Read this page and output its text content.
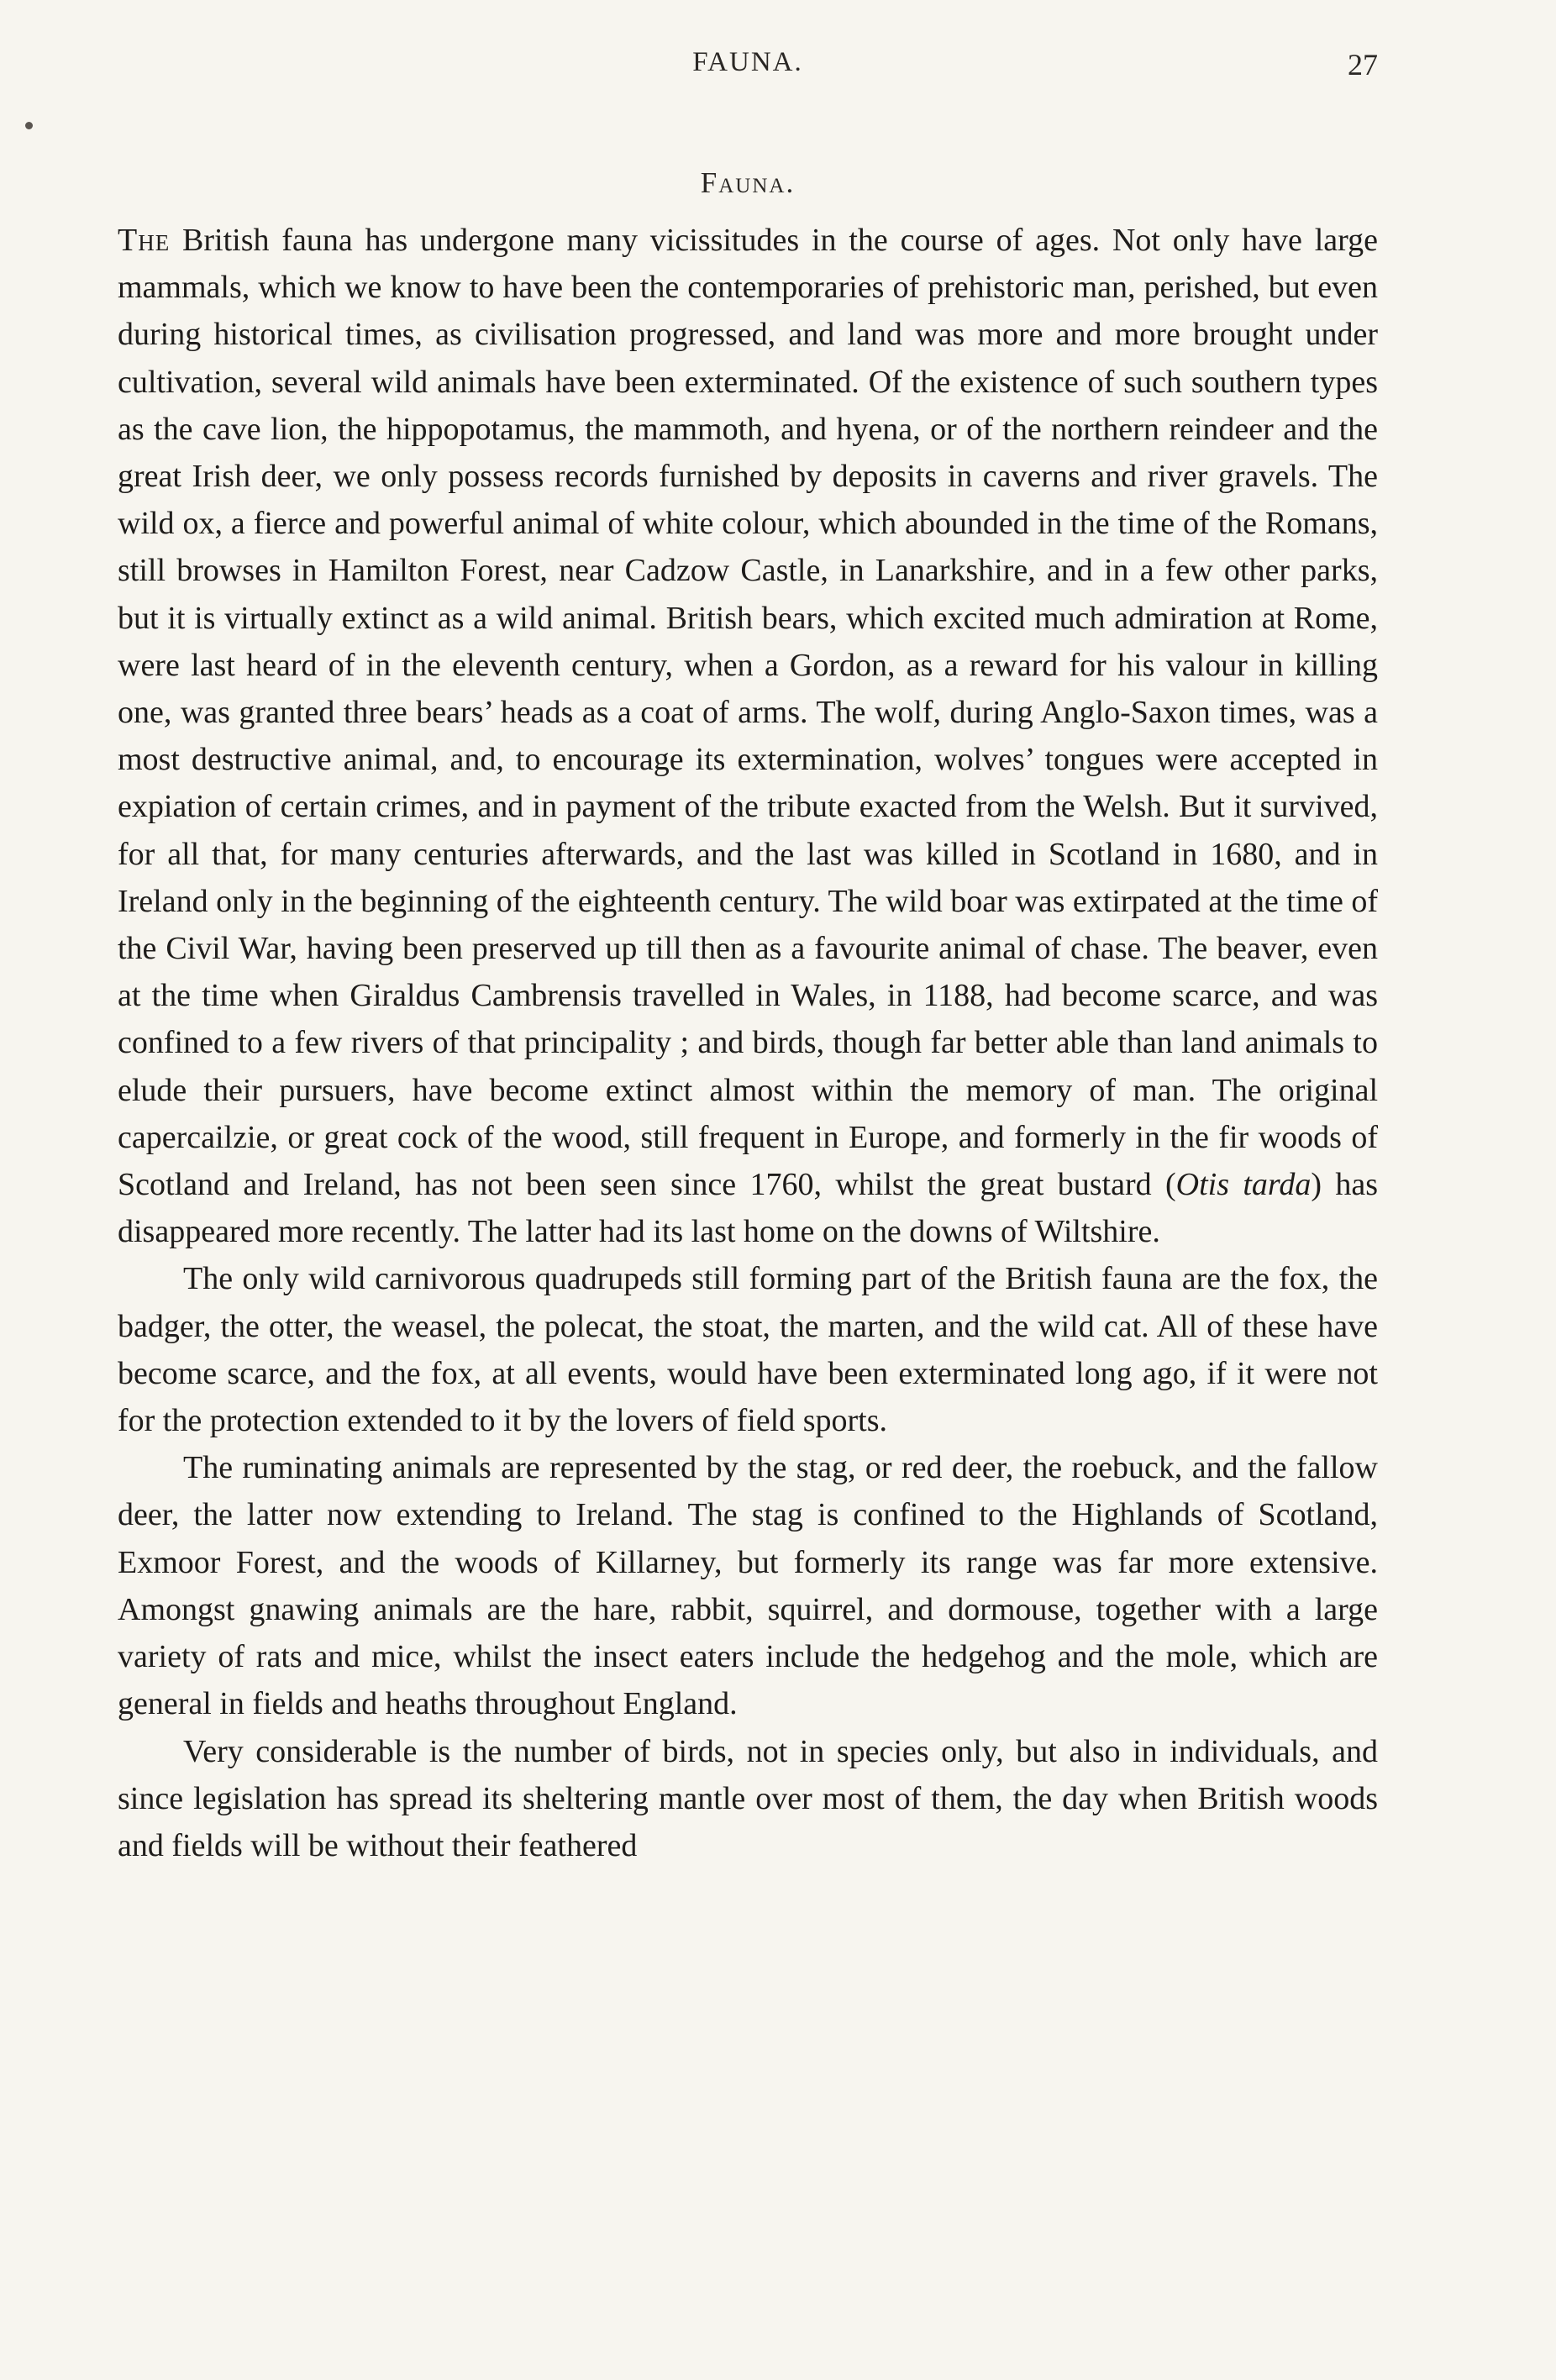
FAUNA.	27
Fauna.

The British fauna has undergone many vicissitudes in the course of ages. Not only have large mammals, which we know to have been the contemporaries of prehistoric man, perished, but even during historical times, as civilisation progressed, and land was more and more brought under cultivation, several wild animals have been exterminated. Of the existence of such southern types as the cave lion, the hippopotamus, the mammoth, and hyena, or of the northern reindeer and the great Irish deer, we only possess records furnished by deposits in caverns and river gravels. The wild ox, a fierce and powerful animal of white colour, which abounded in the time of the Romans, still browses in Hamilton Forest, near Cadzow Castle, in Lanarkshire, and in a few other parks, but it is virtually extinct as a wild animal. British bears, which excited much admiration at Rome, were last heard of in the eleventh century, when a Gordon, as a reward for his valour in killing one, was granted three bears’ heads as a coat of arms. The wolf, during Anglo-Saxon times, was a most destructive animal, and, to encourage its extermination, wolves’ tongues were accepted in expiation of certain crimes, and in payment of the tribute exacted from the Welsh. But it survived, for all that, for many centuries afterwards, and the last was killed in Scotland in 1680, and in Ireland only in the beginning of the eighteenth century. The wild boar was extirpated at the time of the Civil War, having been preserved up till then as a favourite animal of chase. The beaver, even at the time when Giraldus Cambrensis travelled in Wales, in 1188, had become scarce, and was confined to a few rivers of that principality ; and birds, though far better able than land animals to elude their pursuers, have become extinct almost within the memory of man. The original capercailzie, or great cock of the wood, still frequent in Europe, and formerly in the fir woods of Scotland and Ireland, has not been seen since 1760, whilst the great bustard (Otis tarda) has disappeared more recently. The latter had its last home on the downs of Wiltshire.

The only wild carnivorous quadrupeds still forming part of the British fauna are the fox, the badger, the otter, the weasel, the polecat, the stoat, the marten, and the wild cat. All of these have become scarce, and the fox, at all events, would have been exterminated long ago, if it were not for the protection extended to it by the lovers of field sports.

The ruminating animals are represented by the stag, or red deer, the roebuck, and the fallow deer, the latter now extending to Ireland. The stag is confined to the Highlands of Scotland, Exmoor Forest, and the woods of Killarney, but formerly its range was far more extensive. Amongst gnawing animals are the hare, rabbit, squirrel, and dormouse, together with a large variety of rats and mice, whilst the insect eaters include the hedgehog and the mole, which are general in fields and heaths throughout England.

Very considerable is the number of birds, not in species only, but also in individuals, and since legislation has spread its sheltering mantle over most of them, the day when British woods and fields will be without their feathered
